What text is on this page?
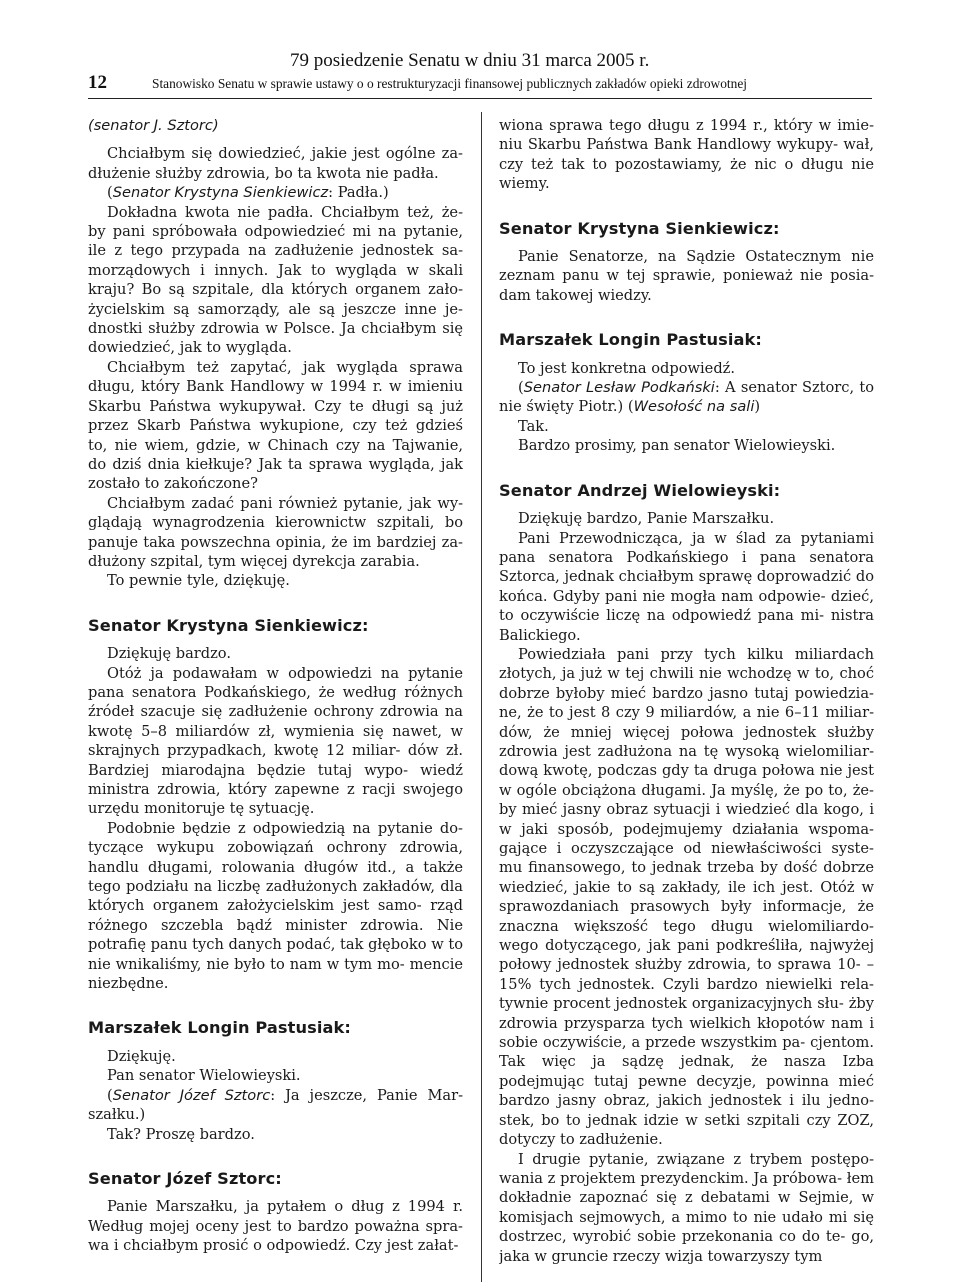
12
79 posiedzenie Senatu w dniu 31 marca 2005 r.
Stanowisko Senatu w sprawie ustawy o o restrukturyzacji finansowej publicznych zakładów opieki zdrowotnej

(senator J. Sztorc)

Chciałbym się dowiedzieć, jakie jest ogólne za- dłużenie służby zdrowia, bo ta kwota nie padła.

(Senator Krystyna Sienkiewicz: Padła.)

Dokładna kwota nie padła. Chciałbym też, że- by pani spróbowała odpowiedzieć mi na pytanie, ile z tego przypada na zadłużenie jednostek sa- morządowych i innych. Jak to wygląda w skali kraju? Bo są szpitale, dla których organem zało- życielskim są samorządy, ale są jeszcze inne je- dnostki służby zdrowia w Polsce. Ja chciałbym się dowiedzieć, jak to wygląda.

Chciałbym też zapytać, jak wygląda sprawa długu, który Bank Handlowy w 1994 r. w imieniu Skarbu Państwa wykupywał. Czy te długi są już przez Skarb Państwa wykupione, czy też gdzieś to, nie wiem, gdzie, w Chinach czy na Tajwanie, do dziś dnia kiełkuje? Jak ta sprawa wygląda, jak zostało to zakończone?

Chciałbym zadać pani również pytanie, jak wy- glądają wynagrodzenia kierownictw szpitali, bo panuje taka powszechna opinia, że im bardziej za- dłużony szpital, tym więcej dyrekcja zarabia.

To pewnie tyle, dziękuję.

Senator Krystyna Sienkiewicz:

Dziękuję bardzo.

Otóż ja podawałam w odpowiedzi na pytanie pana senatora Podkańskiego, że według różnych źródeł szacuje się zadłużenie ochrony zdrowia na kwotę 5–8 miliardów zł, wymienia się nawet, w skrajnych przypadkach, kwotę 12 miliar- dów zł. Bardziej miarodajna będzie tutaj wypo- wiedź ministra zdrowia, który zapewne z racji swojego urzędu monitoruje tę sytuację.

Podobnie będzie z odpowiedzią na pytanie do- tyczące wykupu zobowiązań ochrony zdrowia, handlu długami, rolowania długów itd., a także tego podziału na liczbę zadłużonych zakładów, dla których organem założycielskim jest samo- rząd różnego szczebla bądź minister zdrowia. Nie potrafię panu tych danych podać, tak głęboko w to nie wnikaliśmy, nie było to nam w tym mo- mencie niezbędne.

Marszałek Longin Pastusiak:

Dziękuję.

Pan senator Wielowieyski.

(Senator Józef Sztorc: Ja jeszcze, Panie Mar- szałku.)

Tak? Proszę bardzo.

Senator Józef Sztorc:

Panie Marszałku, ja pytałem o dług z 1994 r. Według mojej oceny jest to bardzo poważna spra- wa i chciałbym prosić o odpowiedź. Czy jest załat-

wiona sprawa tego długu z 1994 r., który w imie- niu Skarbu Państwa Bank Handlowy wykupy- wał, czy też tak to pozostawiamy, że nic o długu nie wiemy.

Senator Krystyna Sienkiewicz:

Panie Senatorze, na Sądzie Ostatecznym nie zeznam panu w tej sprawie, ponieważ nie posia- dam takowej wiedzy.

Marszałek Longin Pastusiak:

To jest konkretna odpowiedź.

(Senator Lesław Podkański: A senator Sztorc, to nie święty Piotr.) (Wesołość na sali)

Tak.

Bardzo prosimy, pan senator Wielowieyski.

Senator Andrzej Wielowieyski:

Dziękuję bardzo, Panie Marszałku.

Pani Przewodnicząca, ja w ślad za pytaniami pana senatora Podkańskiego i pana senatora Sztorca, jednak chciałbym sprawę doprowadzić do końca. Gdyby pani nie mogła nam odpowie- dzieć, to oczywiście liczę na odpowiedź pana mi- nistra Balickiego.

Powiedziała pani przy tych kilku miliardach złotych, ja już w tej chwili nie wchodzę w to, choć dobrze byłoby mieć bardzo jasno tutaj powiedzia- ne, że to jest 8 czy 9 miliardów, a nie 6–11 miliar- dów, że mniej więcej połowa jednostek służby zdrowia jest zadłużona na tę wysoką wielomiliar- dową kwotę, podczas gdy ta druga połowa nie jest w ogóle obciążona długami. Ja myślę, że po to, że- by mieć jasny obraz sytuacji i wiedzieć dla kogo, i w jaki sposób, podejmujemy działania wspoma- gające i oczyszczające od niewłaściwości syste- mu finansowego, to jednak trzeba by dość dobrze wiedzieć, jakie to są zakłady, ile ich jest. Otóż w sprawozdaniach prasowych były informacje, że znaczna większość tego długu wielomiliardo- wego dotyczącego, jak pani podkreśliła, najwyżej połowy jednostek służby zdrowia, to sprawa 10- –15% tych jednostek. Czyli bardzo niewielki rela- tywnie procent jednostek organizacyjnych słu- żby zdrowia przysparza tych wielkich kłopotów nam i sobie oczywiście, a przede wszystkim pa- cjentom. Tak więc ja sądzę jednak, że nasza Izba podejmując tutaj pewne decyzje, powinna mieć bardzo jasny obraz, jakich jednostek i ilu jedno- stek, bo to jednak idzie w setki szpitali czy ZOZ, dotyczy to zadłużenie.

I drugie pytanie, związane z trybem postępo- wania z projektem prezydenckim. Ja próbowa- łem dokładnie zapoznać się z debatami w Sejmie, w komisjach sejmowych, a mimo to nie udało mi się dostrzec, wyrobić sobie przekonania co do te- go, jaka w gruncie rzeczy wizja towarzyszy tym
